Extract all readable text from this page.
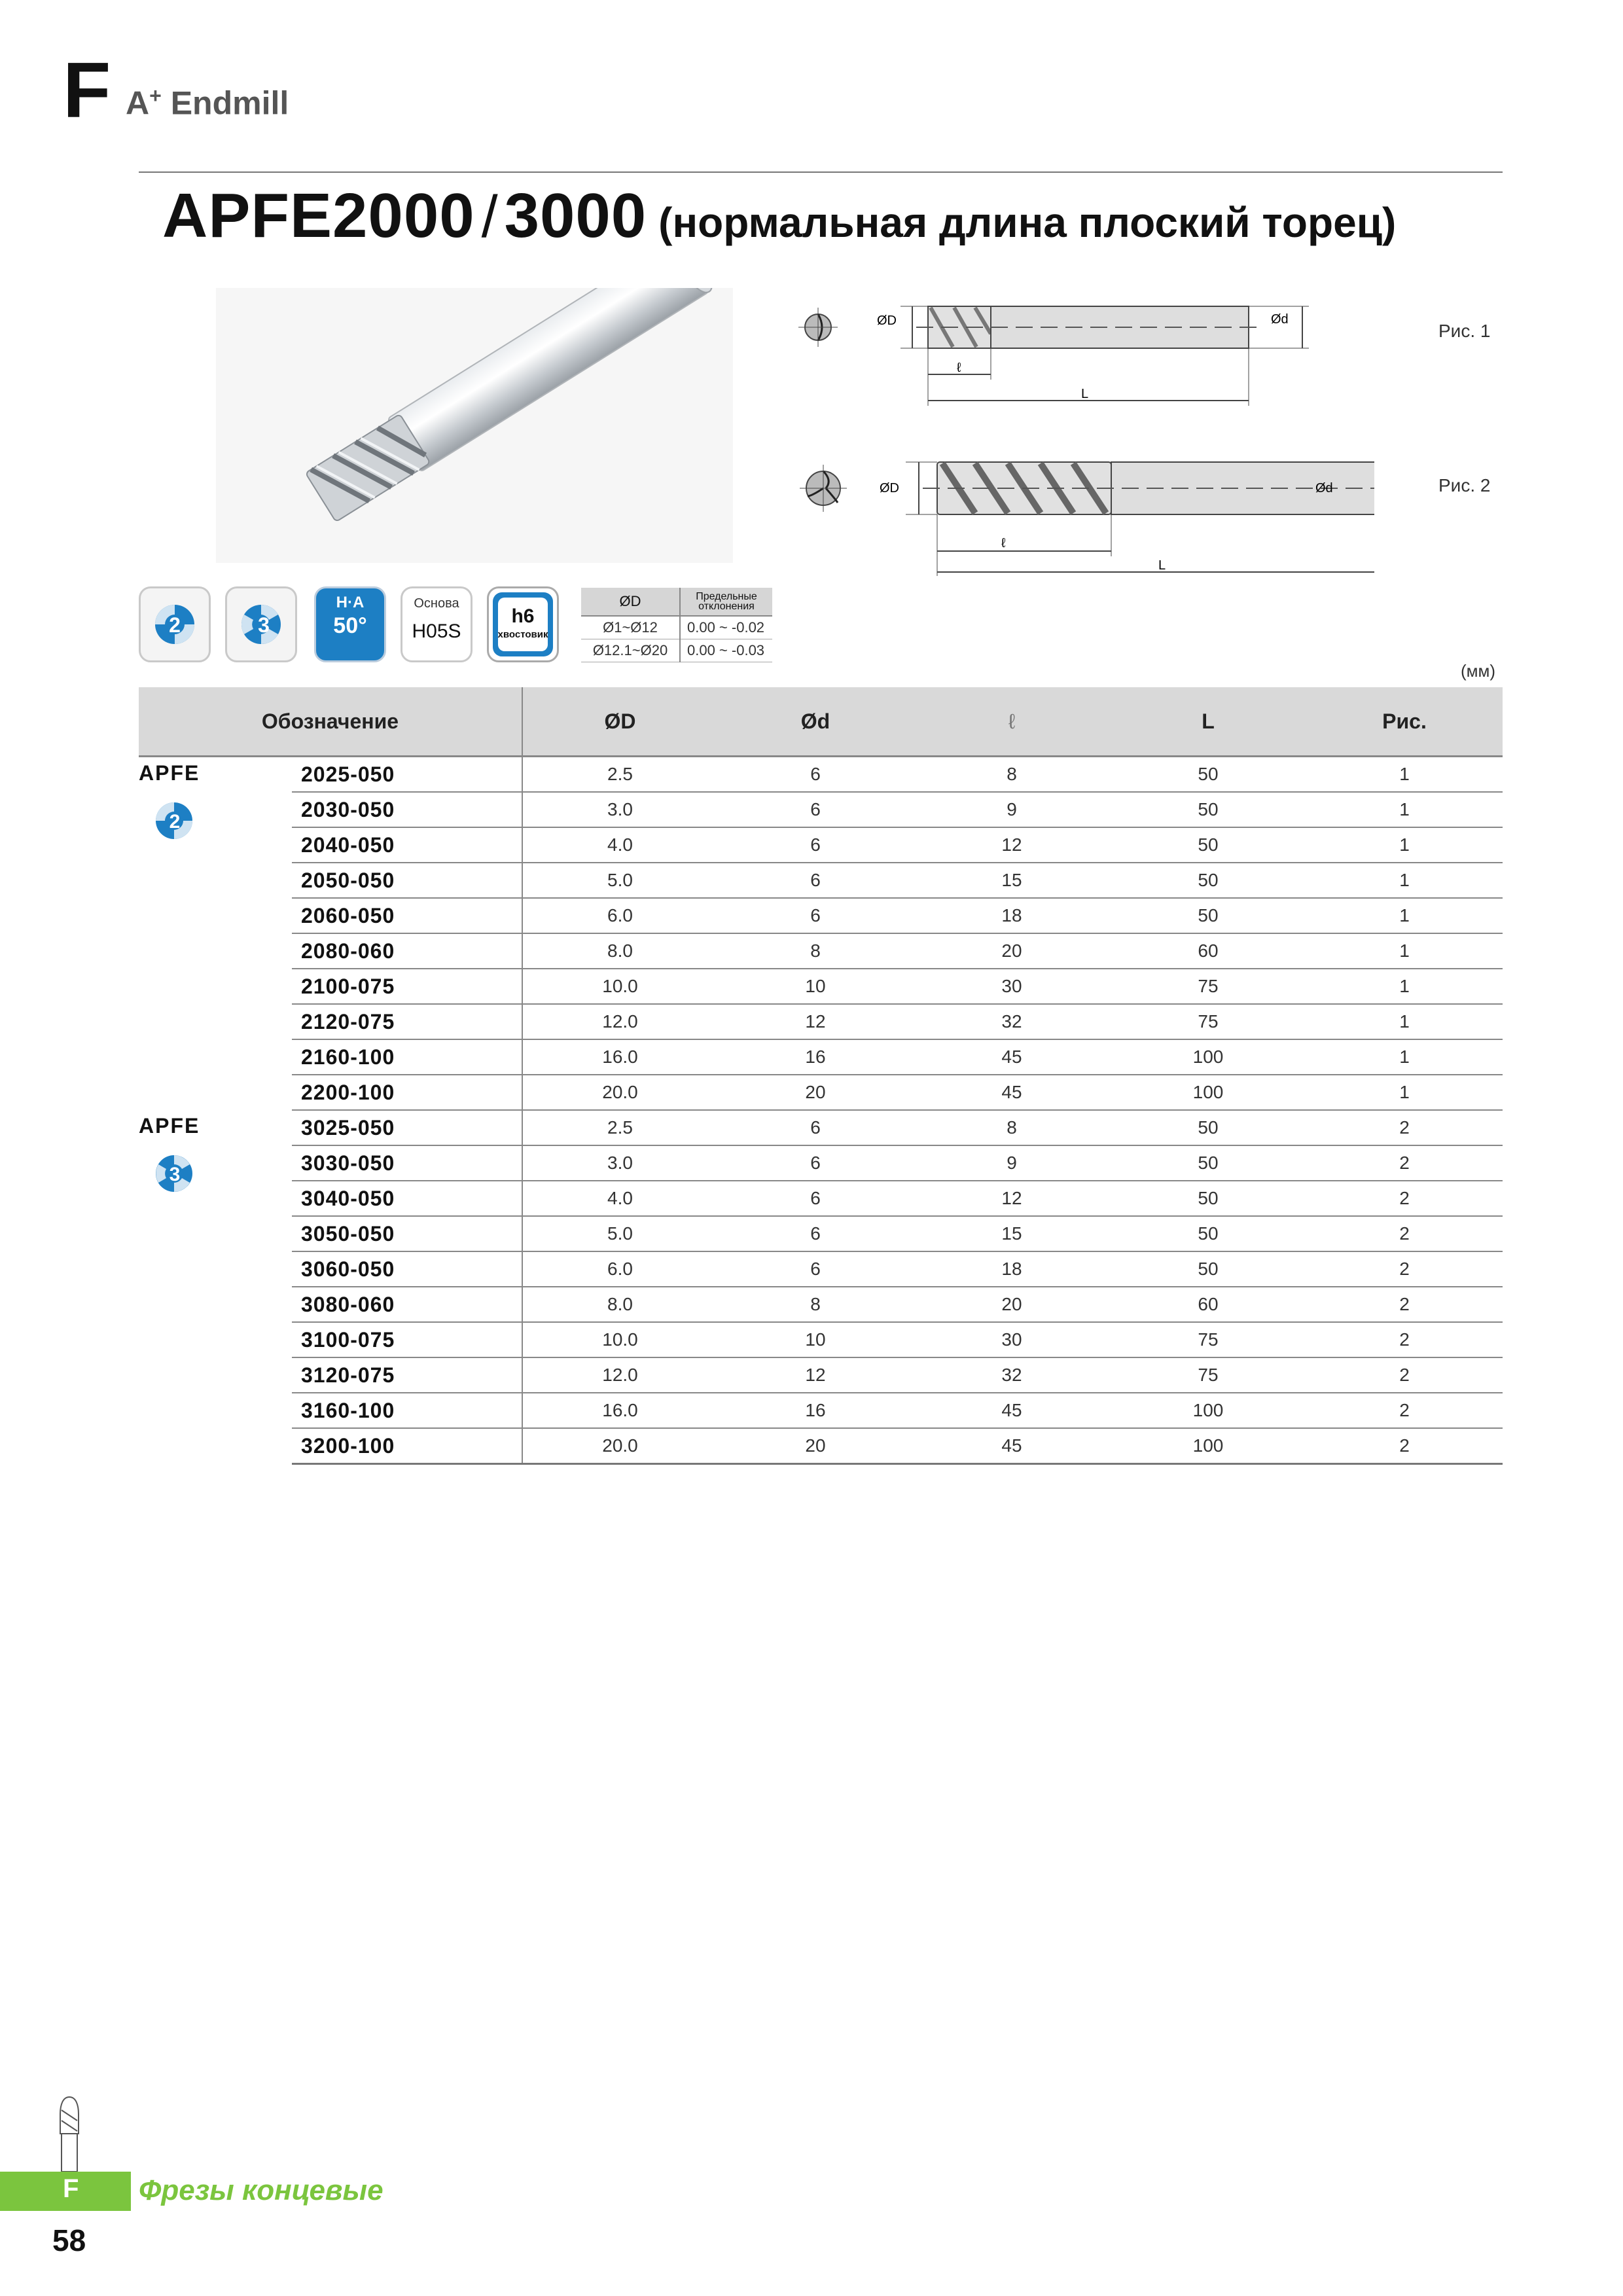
F A+ Endmill
APFE2000 / 3000 (нормальная длина плоский торец)
ØD	Ød
ℓ
L
Рис. 1
ØD	Ød
ℓ
L
Рис. 2
2	3
H·A
50°
Основа
H05S
h6
хвостовик
ØD	Предельные отклонения
Ø1~Ø12	0.00 ~ -0.02
Ø12.1~Ø20	0.00 ~ -0.03
(мм)
Обозначение		ØD	Ød	ℓ	L	Рис.

APFE
2	2025-050	2.5	6	8	50	1
	2030-050	3.0	6	9	50	1
	2040-050	4.0	6	12	50	1
	2050-050	5.0	6	15	50	1
	2060-050	6.0	6	18	50	1
	2080-060	8.0	8	20	60	1
	2100-075	10.0	10	30	75	1
	2120-075	12.0	12	32	75	1
	2160-100	16.0	16	45	100	1
	2200-100	20.0	20	45	100	1

APFE
3	3025-050	2.5	6	8	50	2
	3030-050	3.0	6	9	50	2
	3040-050	4.0	6	12	50	2
	3050-050	5.0	6	15	50	2
	3060-050	6.0	6	18	50	2
	3080-060	8.0	8	20	60	2
	3100-075	10.0	10	30	75	2
	3120-075	12.0	12	32	75	2
	3160-100	16.0	16	45	100	2
	3200-100	20.0	20	45	100	2
F Фрезы концевые
58
